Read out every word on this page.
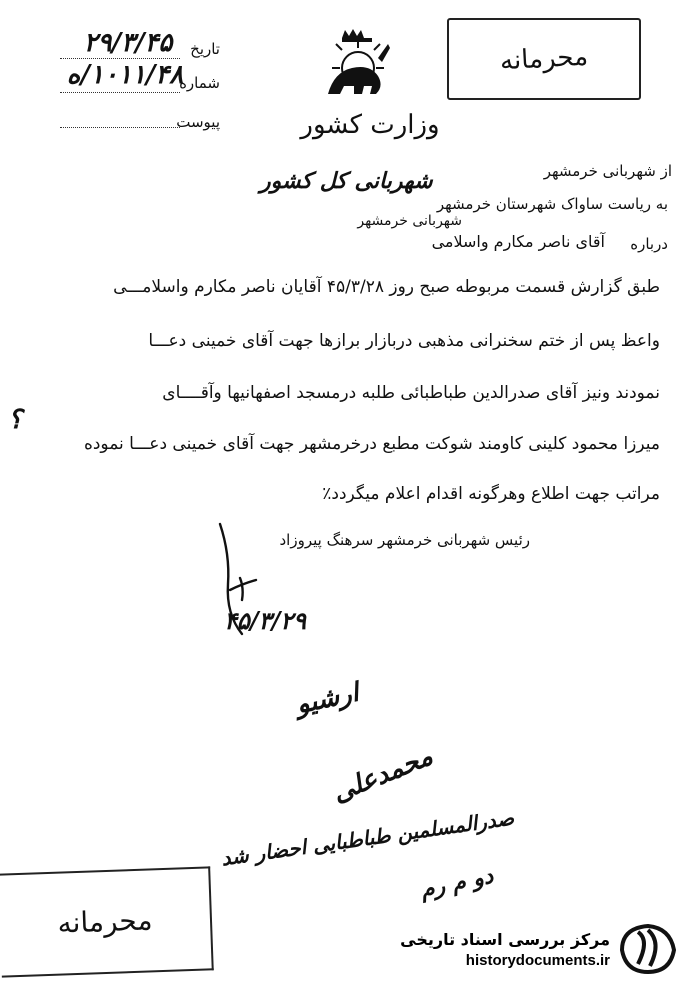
محرمانه
وزارت کشور
تاریخ
۲۹/۳/۴۵
شماره
۱۰۱۱/۴۸/ه
پیوست
از شهربانی خرمشهر
شهربانی کل کشور
به ریاست ساواک شهرستان خرمشهر
شهربانی خرمشهر
درباره
آقای ناصر مکارم واسلامی
طبق گزارش قسمت مربوطه صبح روز ۴۵/۳/۲۸ آقایان ناصر مکارم واسلامـــی
واعظ پس از ختم سخنرانی مذهبی دربازار برازها جهت آقای خمینی دعـــا
نمودند ونیز آقای صدرالدین طباطبائی طلبه درمسجد اصفهانیها وآقــــای
میرزا محمود کلینی کاومند شوکت مطبع درخرمشهر جهت آقای خمینی دعـــا نموده
مراتب جهت اطلاع وهرگونه اقدام اعلام میگردد٪
؟
رئیس شهربانی خرمشهر سرهنگ پیروزاد
۴۵/۳/۲۹
ارشیو
محمدعلی
صدرالمسلمین طباطبایی احضار شد
دو م رم
محرمانه	مرکز بررسی اسناد تاریخی
historydocuments.ir
